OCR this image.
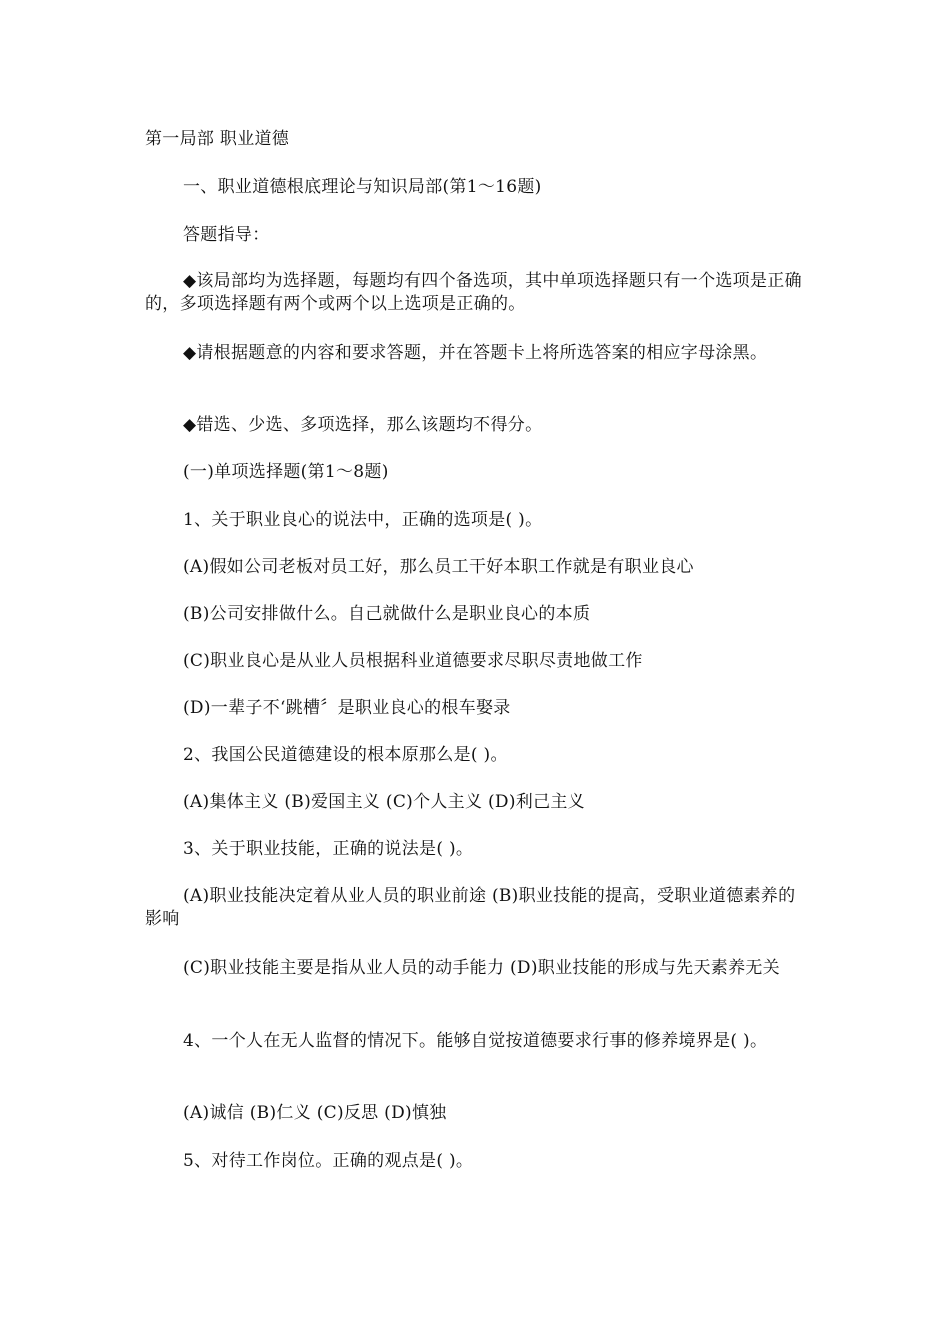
第一局部 职业道德

一、职业道德根底理论与知识局部(第1～16题)

答题指导：

◆该局部均为选择题，每题均有四个备选项，其中单项选择题只有一个选项是正确的，多项选择题有两个或两个以上选项是正确的。

◆请根据题意的内容和要求答题，并在答题卡上将所选答案的相应字母涂黑。

◆错选、少选、多项选择，那么该题均不得分。

(一)单项选择题(第1～8题)

1、关于职业良心的说法中，正确的选项是( )。

(A)假如公司老板对员工好，那么员工干好本职工作就是有职业良心

(B)公司安排做什么。自己就做什么是职业良心的本质

(C)职业良心是从业人员根据科业道德要求尽职尽责地做工作

(D)一辈子不‘跳槽〞是职业良心的根车娶录

2、我国公民道德建设的根本原那么是( )。

(A)集体主义 (B)爱国主义 (C)个人主义 (D)利己主义

3、关于职业技能，正确的说法是( )。

(A)职业技能决定着从业人员的职业前途 (B)职业技能的提高，受职业道德素养的影响

(C)职业技能主要是指从业人员的动手能力 (D)职业技能的形成与先天素养无关

4、一个人在无人监督的情况下。能够自觉按道德要求行事的修养境界是( )。

(A)诚信 (B)仁义 (C)反思 (D)慎独

5、对待工作岗位。正确的观点是( )。
